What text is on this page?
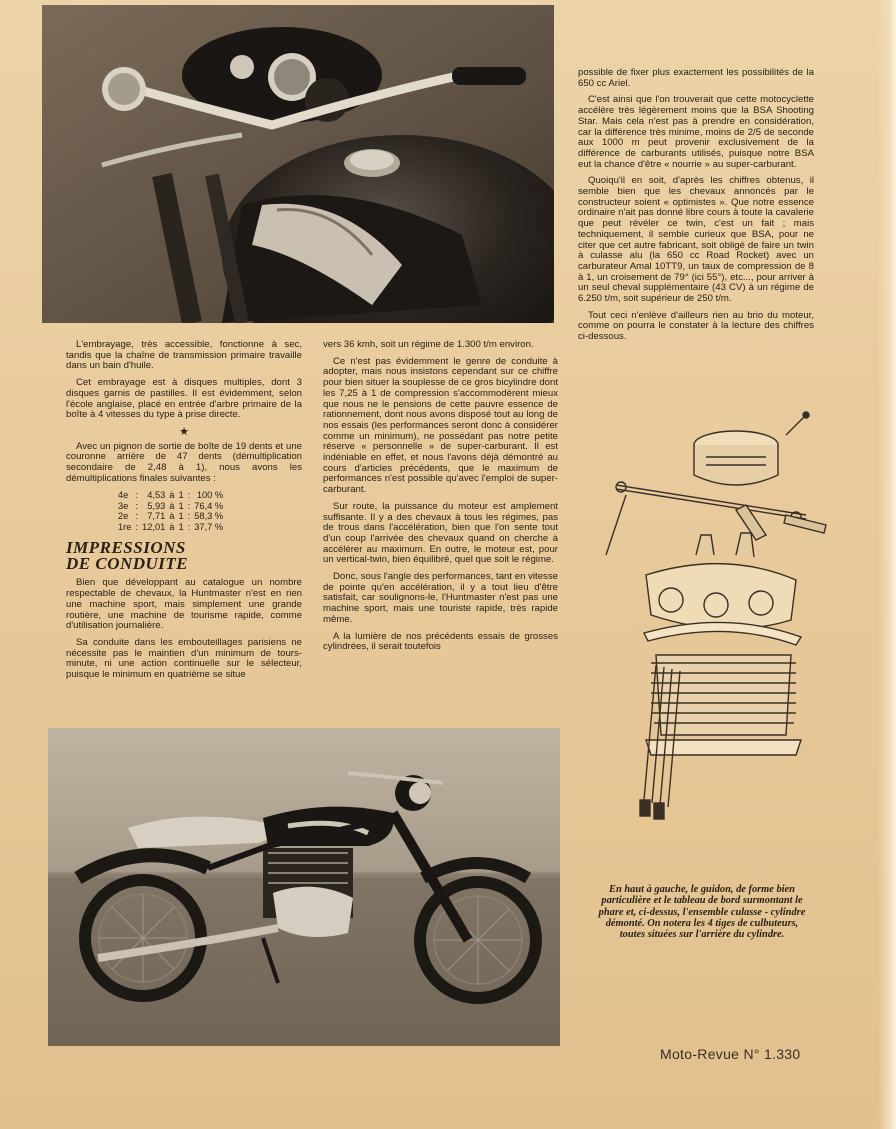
L'embrayage, très accessible, fonctionne à sec, tandis que la chaîne de transmission primaire travaille dans un bain d'huile.

Cet embrayage est à disques multiples, dont 3 disques garnis de pastilles. Il est évidemment, selon l'école anglaise, placé en entrée d'arbre primaire de la boîte à 4 vitesses du type à prise directe.

★

Avec un pignon de sortie de boîte de 19 dents et une couronne arrière de 47 dents (démultiplication secondaire de 2,48 à 1), nous avons les démultiplications finales suivantes :

4e	:	4,53	à	1	:	100 %
3e	:	5,93	à	1	:	76,4 %
2e	:	7,71	à	1	:	58,3 %
1re	:	12,01	à	1	:	37,7 %
IMPRESSIONS
DE CONDUITE

Bien que développant au catalogue un nombre respectable de chevaux, la Huntmaster n'est en rien une machine sport, mais simplement une grande routière, une machine de tourisme rapide, comme d'utilisation journalière.

Sa conduite dans les embouteillages parisiens ne nécessite pas le maintien d'un minimum de tours-minute, ni une action continuelle sur le sélecteur, puisque le minimum en quatrième se situe

vers 36 kmh, soit un régime de 1.300 t/m environ.

Ce n'est pas évidemment le genre de conduite à adopter, mais nous insistons cependant sur ce chiffre pour bien situer la souplesse de ce gros bicylindre dont les 7,25 à 1 de compression s'accommodèrent mieux que nous ne le pensions de cette pauvre essence de rationnement, dont nous avons disposé tout au long de nos essais (les performances seront donc à considérer comme un minimum), ne possédant pas notre petite réserve « personnelle » de super-carburant. Il est indéniable en effet, et nous l'avons déjà démontré au cours d'articles précédents, que le maximum de performances n'est possible qu'avec l'emploi de super-carburant.

Sur route, la puissance du moteur est amplement suffisante. Il y a des chevaux à tous les régimes, pas de trous dans l'accélération, bien que l'on sente tout d'un coup l'arrivée des chevaux quand on cherche à accélérer au maximum. En outre, le moteur est, pour un vertical-twin, bien équilibré, quel que soit le régime.

Donc, sous l'angle des performances, tant en vitesse de pointe qu'en accélération, il y a tout lieu d'être satisfait, car soulignons-le, l'Huntmaster n'est pas une machine sport, mais une touriste rapide, très rapide même.

A la lumière de nos précédents essais de grosses cylindrées, il serait toutefois

possible de fixer plus exactement les possibilités de la 650 cc Ariel.

C'est ainsi que l'on trouverait que cette motocyclette accélère très légèrement moins que la BSA Shooting Star. Mais cela n'est pas à prendre en considération, car la différence très minime, moins de 2/5 de seconde aux 1000 m peut provenir exclusivement de la différence de carburants utilisés, puisque notre BSA eut la chance d'être « nourrie » au super-carburant.

Quoiqu'il en soit, d'après les chiffres obtenus, il semble bien que les chevaux annoncés par le constructeur soient « optimistes ». Que notre essence ordinaire n'ait pas donné libre cours à toute la cavalerie que peut révéler ce twin, c'est un fait ; mais techniquement, il semble curieux que BSA, pour ne citer que cet autre fabricant, soit obligé de faire un twin à culasse alu (la 650 cc Road Rocket) avec un carburateur Amal 10TT9, un taux de compression de 8 à 1, un croisement de 79° (ici 55°), etc..., pour arriver à un seul cheval supplémentaire (43 CV) à un régime de 6.250 t/m, soit supérieur de 250 t/m.

Tout ceci n'enlève d'ailleurs rien au brio du moteur, comme on pourra le constater à la lecture des chiffres ci-dessous.

En haut à gauche, le guidon, de forme bien particulière et le tableau de bord surmontant le phare et, ci-dessus, l'ensemble culasse - cylindre démonté. On notera les 4 tiges de culbuteurs, toutes situées sur l'arrière du cylindre.
Moto-Revue N° 1.330
